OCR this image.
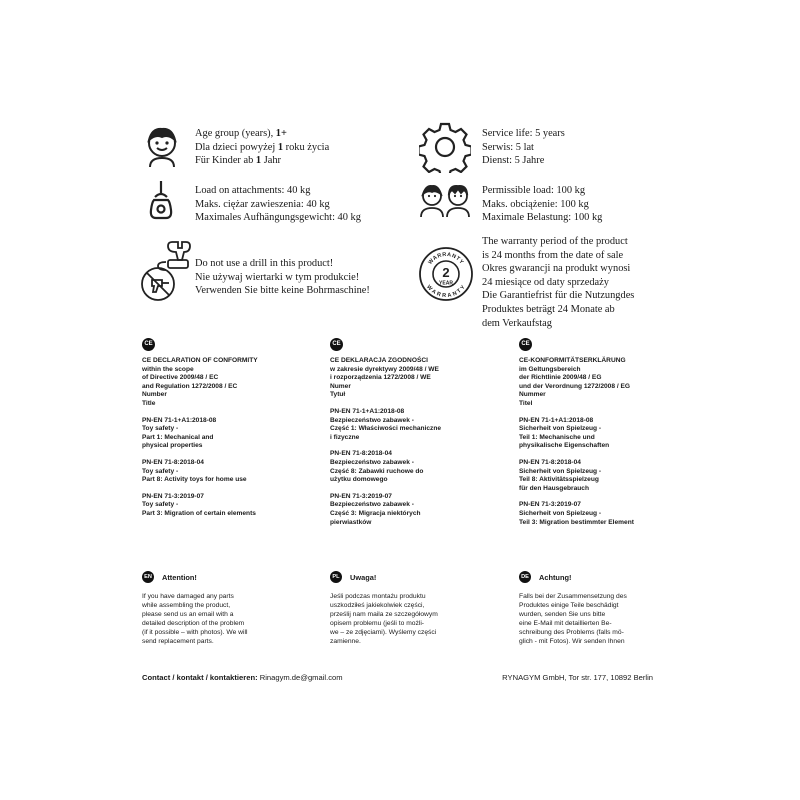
Age group (years), 1+
Dla dzieci powyżej 1 roku życia
Für Kinder ab 1 Jahr
Service life: 5 years
Serwis: 5 lat
Dienst: 5 Jahre
Load on attachments: 40 kg
Maks. ciężar zawieszenia: 40 kg
Maximales Aufhängungsgewicht: 40 kg
Permissible load: 100 kg
Maks. obciążenie: 100 kg
Maximale Belastung: 100 kg
Do not use a drill in this product!
Nie używaj wiertarki w tym produkcie!
Verwenden Sie bitte keine Bohrmaschine!
WARRANTY
WARRANTY
2
YEAR
The warranty period of the product
is 24 months from the date of sale
Okres gwarancji na produkt wynosi
24 miesiące od daty sprzedaży
Die Garantiefrist für die Nutzungdes
Produktes beträgt 24 Monate ab
dem Verkaufstag
CE
CE DECLARATION OF CONFORMITY
within the scope
of Directive 2009/48 / EC
and Regulation 1272/2008 / EC
Number
Title
PN-EN 71-1+A1:2018-08
Toy safety -
Part 1: Mechanical and
physical properties
PN-EN 71-8:2018-04
Toy safety -
Part 8: Activity toys for home use
PN-EN 71-3:2019-07
Toy safety -
Part 3: Migration of certain elements
CE
CE DEKLARACJA ZGODNOŚCI
w zakresie dyrektywy 2009/48 / WE
i rozporządzenia 1272/2008 / WE
Numer
Tytuł
PN-EN 71-1+A1:2018-08
Bezpieczeństwo zabawek -
Część 1: Właściwości mechaniczne
i fizyczne
PN-EN 71-8:2018-04
Bezpieczeństwo zabawek -
Część 8: Zabawki ruchowe do
użytku domowego
PN-EN 71-3:2019-07
Bezpieczeństwo zabawek -
Część 3: Migracja niektórych
pierwiastków
CE
CE-KONFORMITÄTSERKLÄRUNG
im Geltungsbereich
der Richtlinie 2009/48 / EG
und der Verordnung 1272/2008 / EG
Nummer
Titel
PN-EN 71-1+A1:2018-08
Sicherheit von Spielzeug -
Teil 1: Mechanische und
physikalische Eigenschaften
PN-EN 71-8:2018-04
Sicherheit von Spielzeug -
Teil 8: Aktivitätsspielzeug
für den Hausgebrauch
PN-EN 71-3:2019-07
Sicherheit von Spielzeug -
Teil 3: Migration bestimmter Element
EN Attention!
If you have damaged any parts
while assembling the product,
please send us an email with a
detailed description of the problem
(if it possible – with photos). We will
send replacement parts.
PL	Uwaga!
Jeśli podczas montażu produktu
uszkodziłeś jakiekolwiek części,
prześlij nam maila ze szczegółowym
opisem problemu (jeśli to możli-
we – ze zdjęciami). Wyślemy części
zamienne.
DE Achtung!
Falls bei der Zusammensetzung des
Produktes einige Teile beschädigt
wurden, senden Sie uns bitte
eine E-Mail mit detaillierten Be-
schreibung des Problems (falls mö-
glich - mit Fotos). Wir senden Ihnen
Contact / kontakt / kontaktieren: Rinagym.de@gmail.com	RYNAGYM GmbH, Tor str. 177, 10892 Berlin
